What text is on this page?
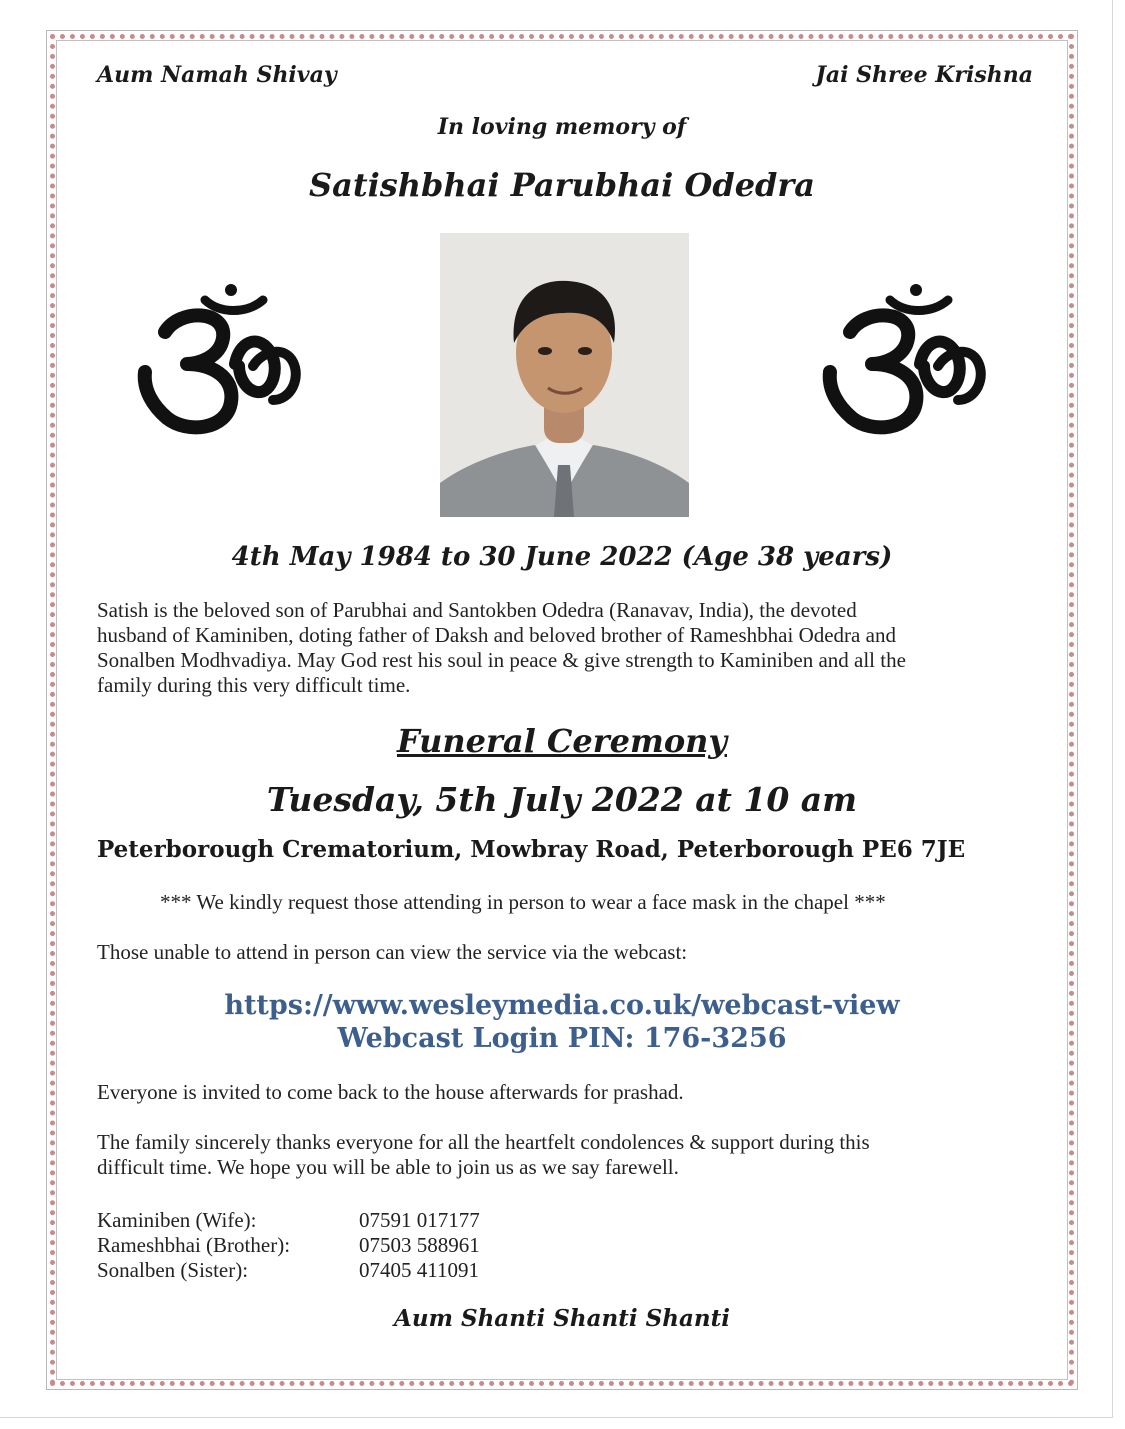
Aum Namah Shivay	Jai Shree Krishna

In loving memory of

Satishbhai Parubhai Odedra

4th May 1984 to 30 June 2022 (Age 38 years)

Satish is the beloved son of Parubhai and Santokben Odedra (Ranavav, India), the devoted
husband of Kaminiben, doting father of Daksh and beloved brother of Rameshbhai Odedra and
Sonalben Modhvadiya. May God rest his soul in peace & give strength to Kaminiben and all the
family during this very difficult time.
Funeral Ceremony

Tuesday, 5th July 2022 at 10 am

Peterborough Crematorium, Mowbray Road, Peterborough PE6 7JE

*** We kindly request those attending in person to wear a face mask in the chapel ***

Those unable to attend in person can view the service via the webcast:

https://www.wesleymedia.co.uk/webcast-view

Webcast Login PIN: 176-3256

Everyone is invited to come back to the house afterwards for prashad.

The family sincerely thanks everyone for all the heartfelt condolences & support during this
difficult time. We hope you will be able to join us as we say farewell.
Kaminiben (Wife):	07591 017177
Rameshbhai (Brother):	07503 588961
Sonalben (Sister):	07405 411091

Aum Shanti Shanti Shanti
